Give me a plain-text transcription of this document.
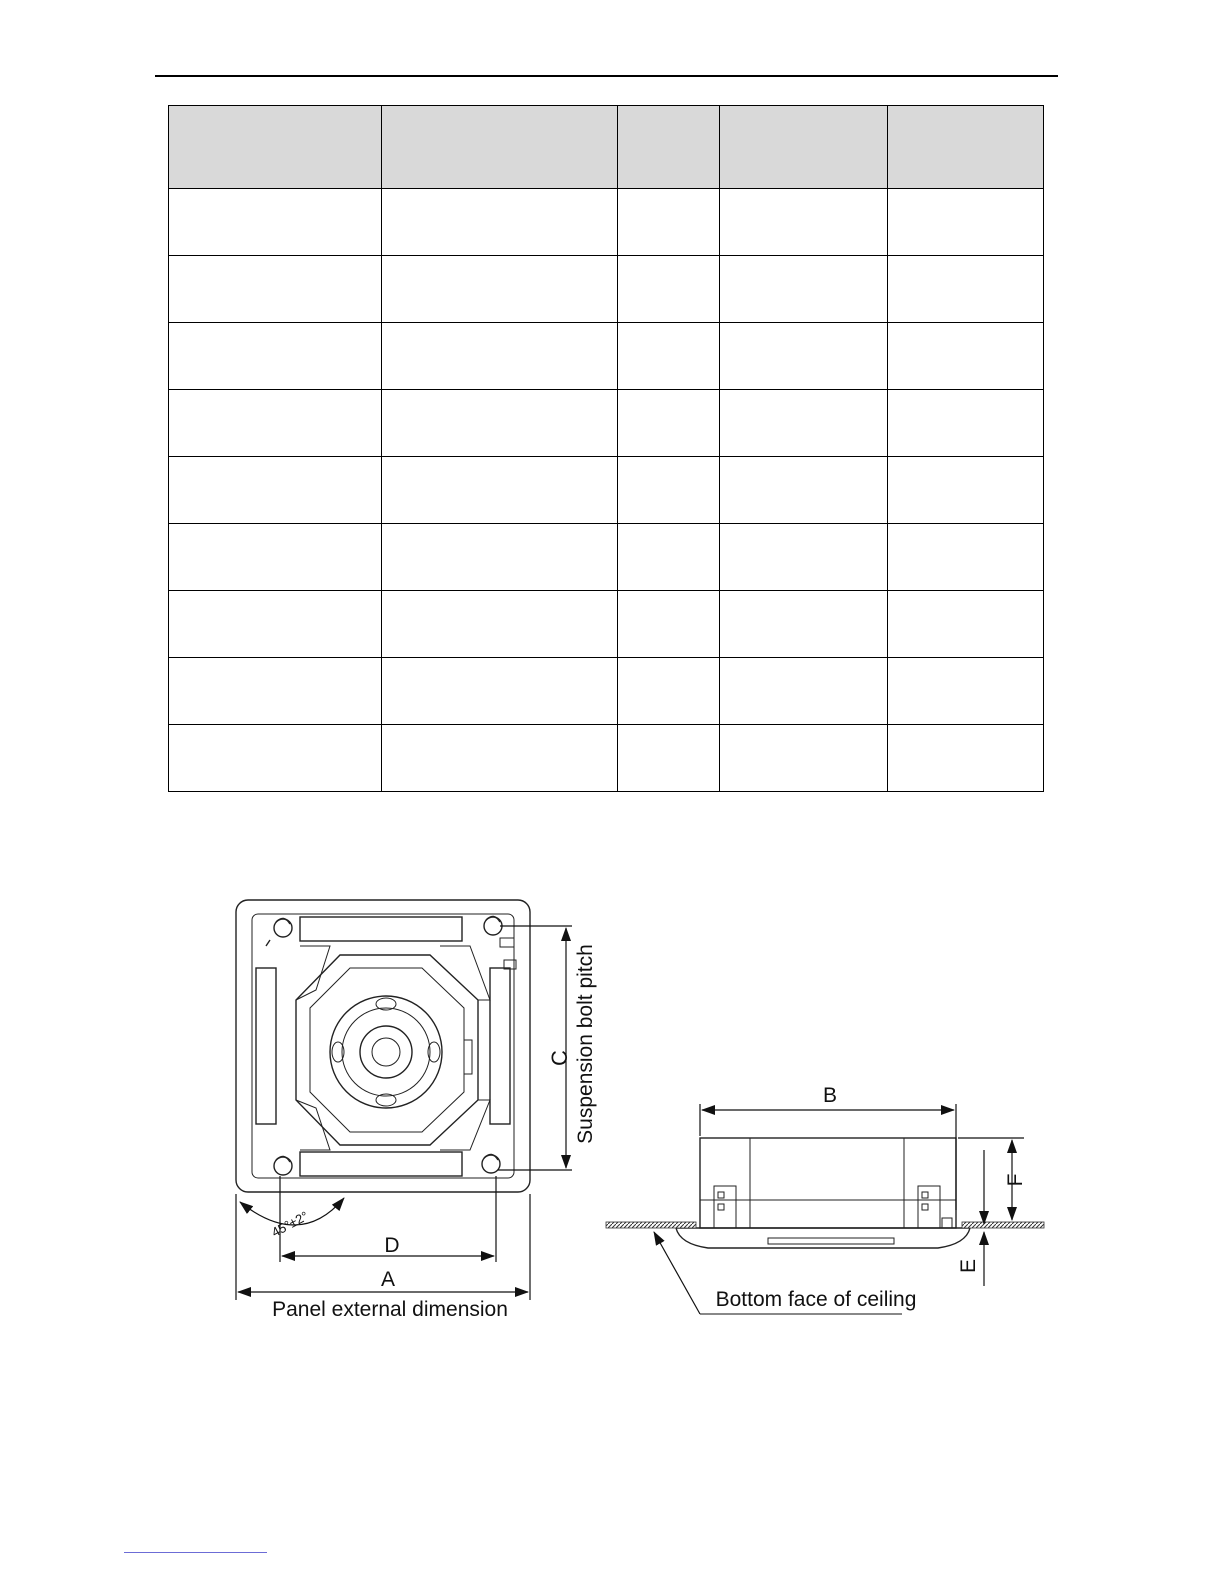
C Suspension bolt pitch
D
A
Panel external dimension
45°±2°
B
F
E
Bottom face of ceiling
